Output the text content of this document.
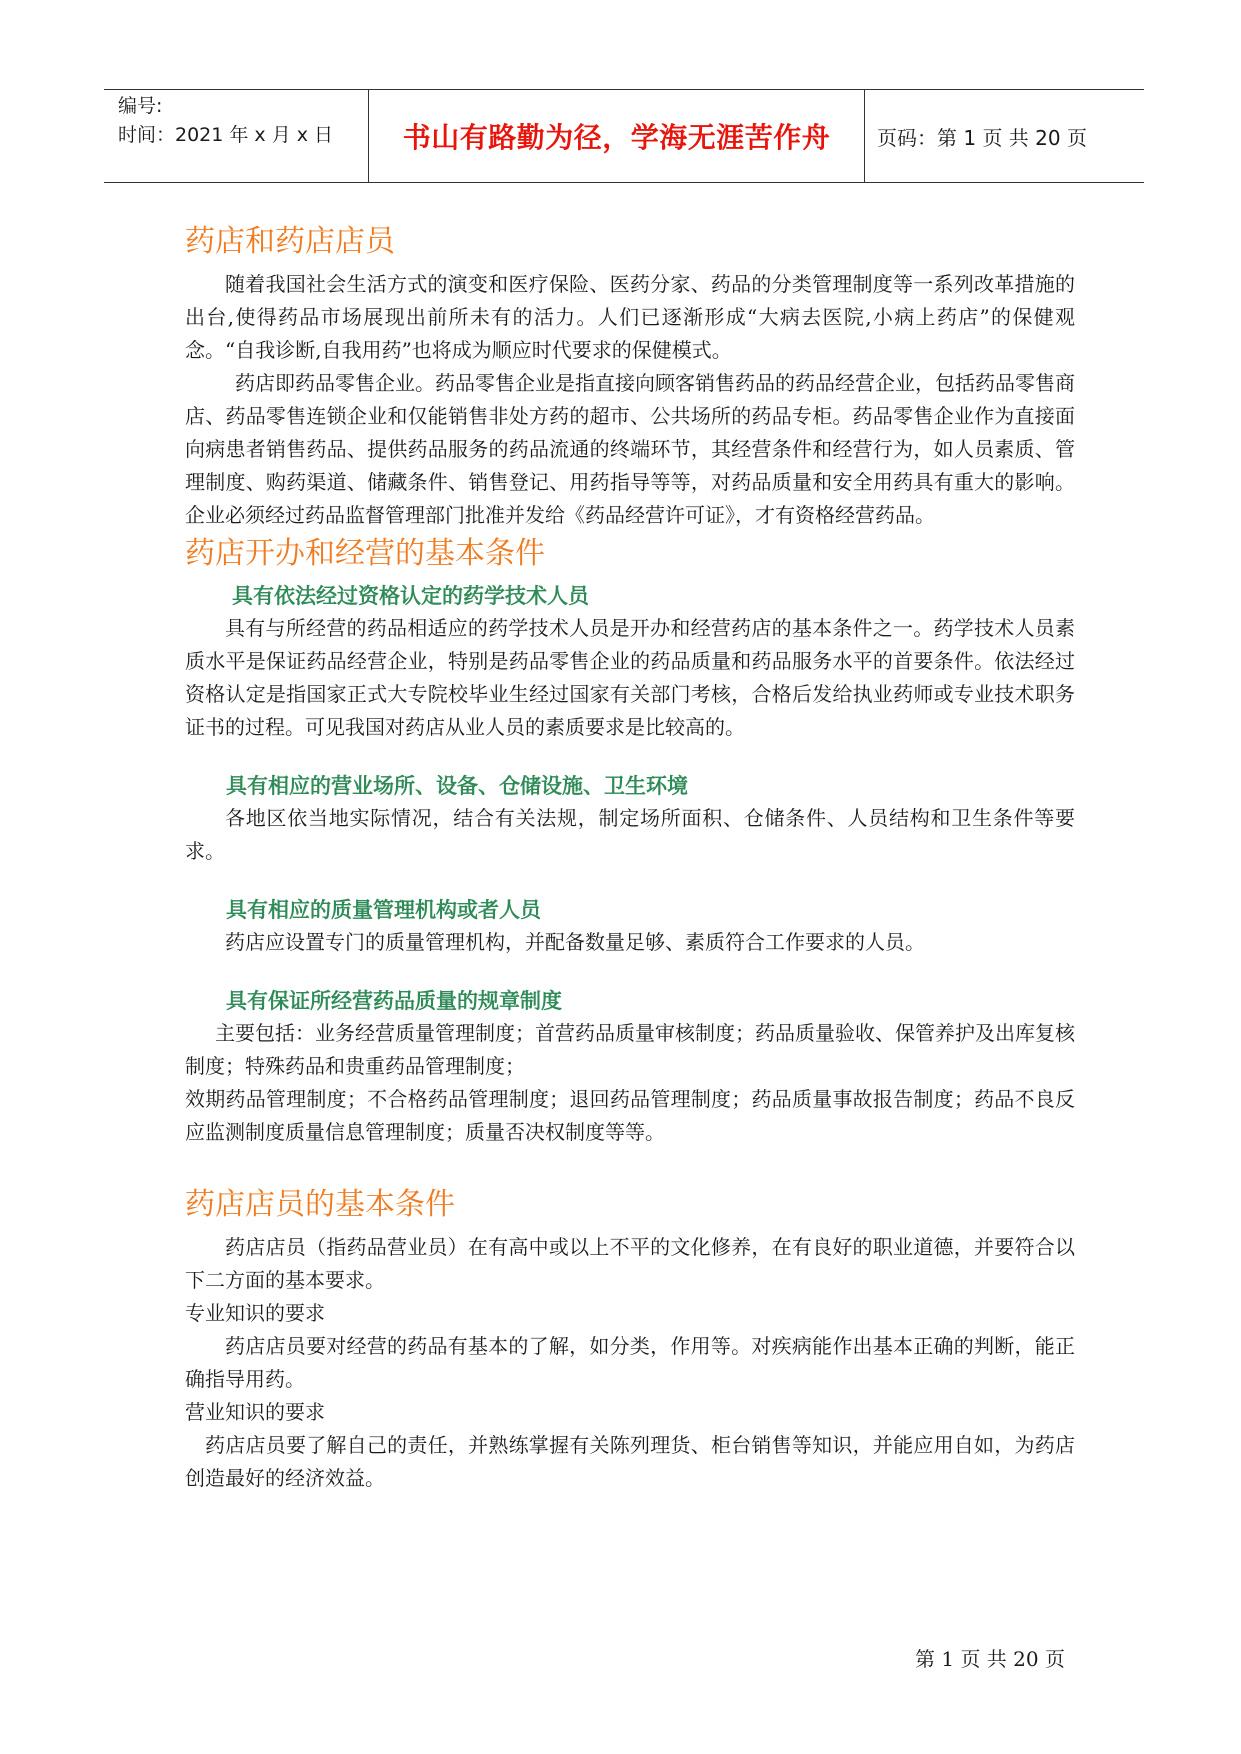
编号:
时间：2021 年 x 月 x 日	书山有路勤为径，学海无涯苦作舟 页码：第 1 页 共 20 页
药店和药店店员

随着我国社会生活方式的演变和医疗保险、医药分家、药品的分类管理制度等一系列改革措施的出台,使得药品市场展现出前所未有的活力。人们已逐渐形成“大病去医院,小病上药店”的保健观念。“自我诊断,自我用药”也将成为顺应时代要求的保健模式。

药店即药品零售企业。药品零售企业是指直接向顾客销售药品的药品经营企业，包括药品零售商店、药品零售连锁企业和仅能销售非处方药的超市、公共场所的药品专柜。药品零售企业作为直接面向病患者销售药品、提供药品服务的药品流通的终端环节，其经营条件和经营行为，如人员素质、管理制度、购药渠道、储藏条件、销售登记、用药指导等等，对药品质量和安全用药具有重大的影响。企业必须经过药品监督管理部门批准并发给《药品经营许可证》，才有资格经营药品。

药店开办和经营的基本条件
具有依法经过资格认定的药学技术人员

具有与所经营的药品相适应的药学技术人员是开办和经营药店的基本条件之一。药学技术人员素质水平是保证药品经营企业，特别是药品零售企业的药品质量和药品服务水平的首要条件。依法经过资格认定是指国家正式大专院校毕业生经过国家有关部门考核，合格后发给执业药师或专业技术职务证书的过程。可见我国对药店从业人员的素质要求是比较高的。

具有相应的营业场所、设备、仓储设施、卫生环境

各地区依当地实际情况，结合有关法规，制定场所面积、仓储条件、人员结构和卫生条件等要求。

具有相应的质量管理机构或者人员

药店应设置专门的质量管理机构，并配备数量足够、素质符合工作要求的人员。

具有保证所经营药品质量的规章制度

主要包括：业务经营质量管理制度；首营药品质量审核制度；药品质量验收、保管养护及出库复核制度；特殊药品和贵重药品管理制度；

效期药品管理制度；不合格药品管理制度；退回药品管理制度；药品质量事故报告制度；药品不良反应监测制度质量信息管理制度；质量否决权制度等等。

药店店员的基本条件

药店店员（指药品营业员）在有高中或以上不平的文化修养，在有良好的职业道德，并要符合以下二方面的基本要求。

专业知识的要求

药店店员要对经营的药品有基本的了解，如分类，作用等。对疾病能作出基本正确的判断，能正确指导用药。

营业知识的要求

药店店员要了解自己的责任，并熟练掌握有关陈列理货、柜台销售等知识，并能应用自如，为药店创造最好的经济效益。

第 1 页 共 20 页
